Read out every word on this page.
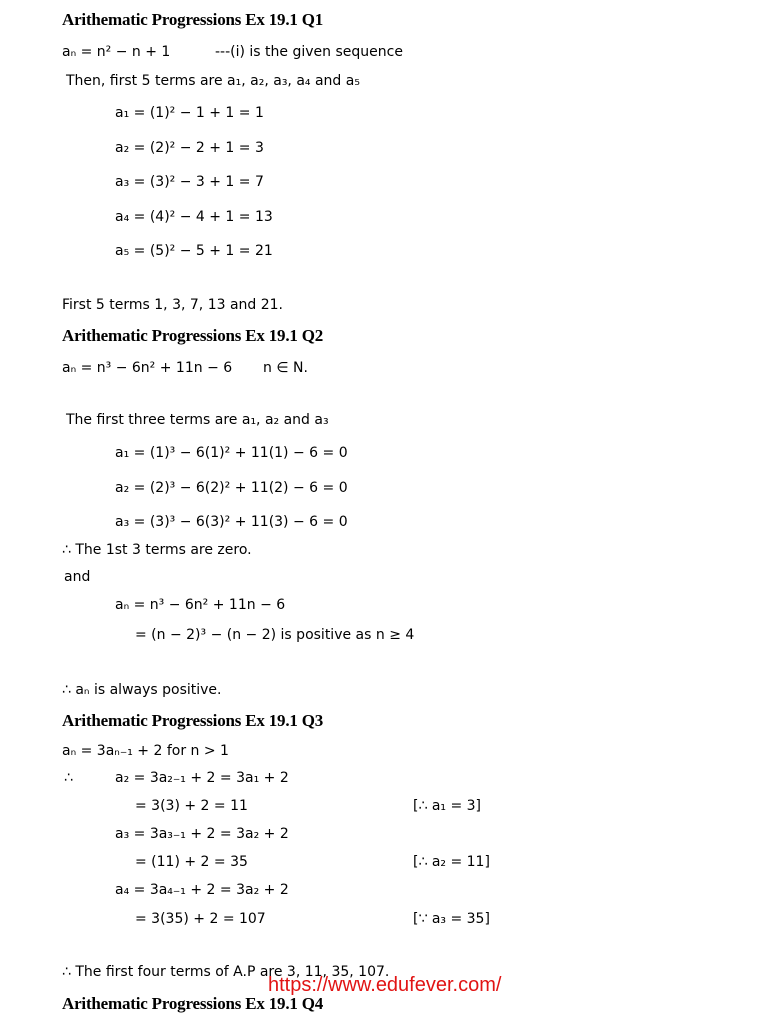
Arithematic Progressions Ex 19.1 Q1
aₙ = n² − n + 1	---(i) is the given sequence
Then, first 5 terms are a₁, a₂, a₃, a₄ and a₅
a₁ = (1)² − 1 + 1 = 1
a₂ = (2)² − 2 + 1 = 3
a₃ = (3)² − 3 + 1 = 7
a₄ = (4)² − 4 + 1 = 13
a₅ = (5)² − 5 + 1 = 21
First 5 terms 1, 3, 7, 13 and 21.
Arithematic Progressions Ex 19.1 Q2
aₙ = n³ − 6n² + 11n − 6 n ∈ N.
The first three terms are a₁, a₂ and a₃
a₁ = (1)³ − 6(1)² + 11(1) − 6 = 0
a₂ = (2)³ − 6(2)² + 11(2) − 6 = 0
a₃ = (3)³ − 6(3)² + 11(3) − 6 = 0
∴ The 1st 3 terms are zero.
and
aₙ = n³ − 6n² + 11n − 6
= (n − 2)³ − (n − 2) is positive as n ≥ 4
∴ aₙ is always positive.
Arithematic Progressions Ex 19.1 Q3
aₙ = 3aₙ₋₁ + 2 for n > 1
∴	a₂ = 3a₂₋₁ + 2 = 3a₁ + 2
= 3(3) + 2 = 11
a₃ = 3a₃₋₁ + 2 = 3a₂ + 2
= (11) + 2 = 35
a₄ = 3a₄₋₁ + 2 = 3a₂ + 2
= 3(35) + 2 = 107
[∴ a₁ = 3]
[∴ a₂ = 11]
[∵ a₃ = 35]
∴ The first four terms of A.P are 3, 11, 35, 107.
Arithematic Progressions Ex 19.1 Q4
https://www.edufever.com/
